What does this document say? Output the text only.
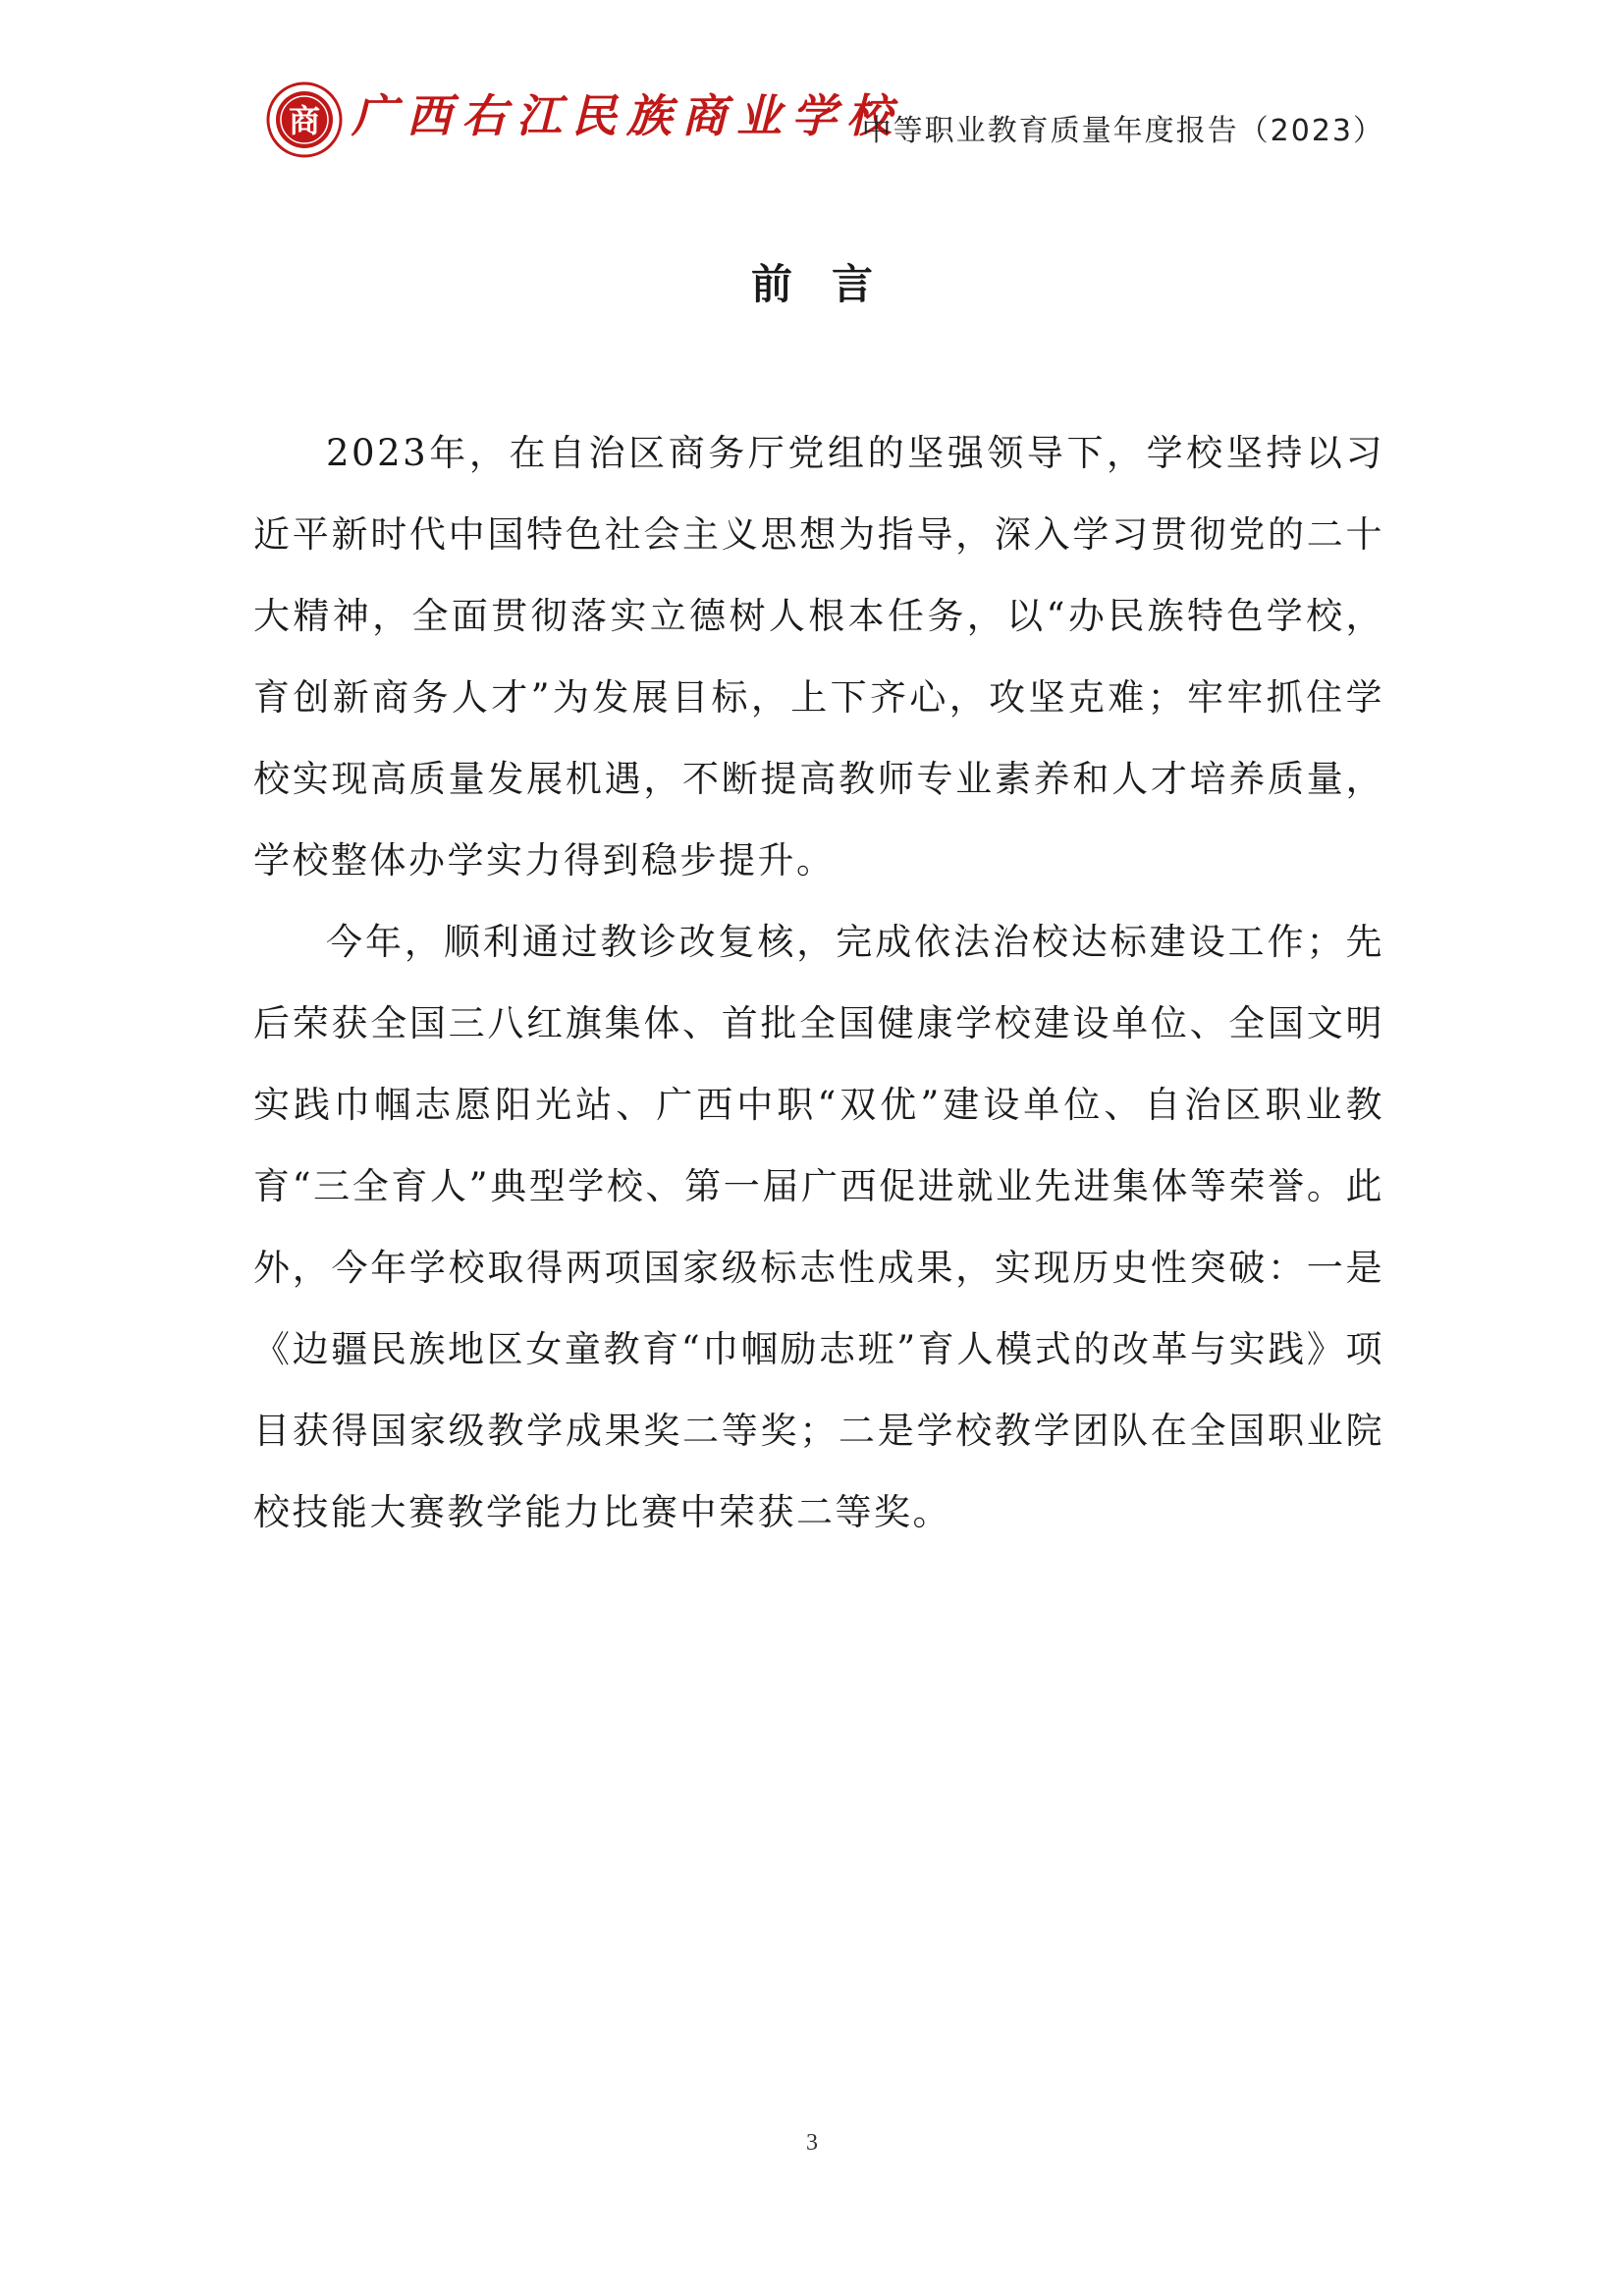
商 广西右江民族商业学校
中等职业教育质量年度报告（2023）
前言

2023年，在自治区商务厅党组的坚强领导下，学校坚持以习近平新时代中国特色社会主义思想为指导，深入学习贯彻党的二十大精神，全面贯彻落实立德树人根本任务，以“办民族特色学校，育创新商务人才”为发展目标，上下齐心，攻坚克难；牢牢抓住学校实现高质量发展机遇，不断提高教师专业素养和人才培养质量，学校整体办学实力得到稳步提升。

今年，顺利通过教诊改复核，完成依法治校达标建设工作；先后荣获全国三八红旗集体、首批全国健康学校建设单位、全国文明实践巾帼志愿阳光站、广西中职“双优”建设单位、自治区职业教育“三全育人”典型学校、第一届广西促进就业先进集体等荣誉。此外，今年学校取得两项国家级标志性成果，实现历史性突破：一是《边疆民族地区女童教育“巾帼励志班”育人模式的改革与实践》项目获得国家级教学成果奖二等奖；二是学校教学团队在全国职业院校技能大赛教学能力比赛中荣获二等奖。

3
